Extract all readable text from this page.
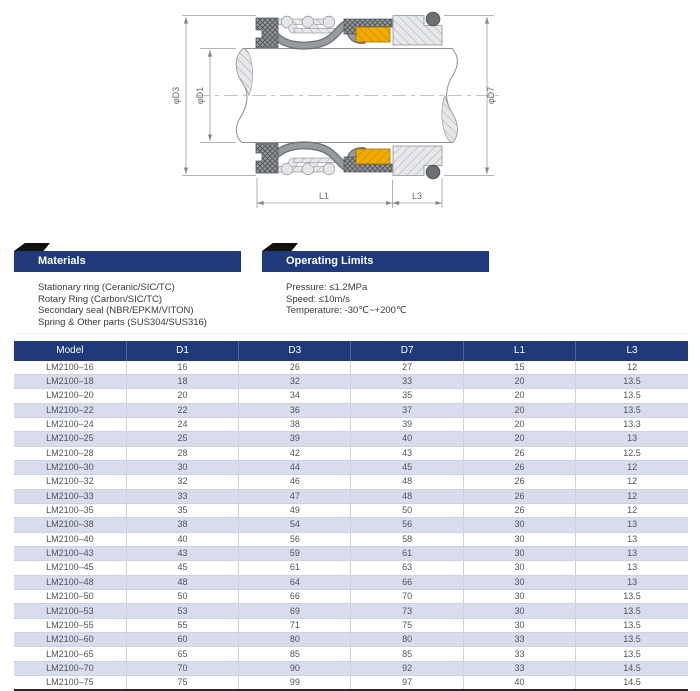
φD3 φD1	φD7
L1	L3
Materials
Stationary ring (Ceranic/SIC/TC)
Rotary Ring (Carbon/SIC/TC)
Secondary seal (NBR/EPKM/VITON)
Spring & Other parts (SUS304/SUS316)
Operating Limits
Pressure: ≤1.2MPa
Speed: ≤10m/s
Temperature: -30℃~+200℃
Model	D1	D3	D7	L1	L3
LM2100–16	16	26	27	15	12
LM2100–18	18	32	33	20	13.5
LM2100–20	20	34	35	20	13.5
LM2100–22	22	36	37	20	13.5
LM2100–24	24	38	39	20	13.3
LM2100–25	25	39	40	20	13
LM2100–28	28	42	43	26	12.5
LM2100–30	30	44	45	26	12
LM2100–32	32	46	48	26	12
LM2100–33	33	47	48	26	12
LM2100–35	35	49	50	26	12
LM2100–38	38	54	56	30	13
LM2100–40	40	56	58	30	13
LM2100–43	43	59	61	30	13
LM2100–45	45	61	63	30	13
LM2100–48	48	64	66	30	13
LM2100–50	50	66	70	30	13.5
LM2100–53	53	69	73	30	13.5
LM2100–55	55	71	75	30	13.5
LM2100–60	60	80	80	33	13.5
LM2100–65	65	85	85	33	13.5
LM2100–70	70	90	92	33	14.5
LM2100–75	75	99	97	40	14.5
